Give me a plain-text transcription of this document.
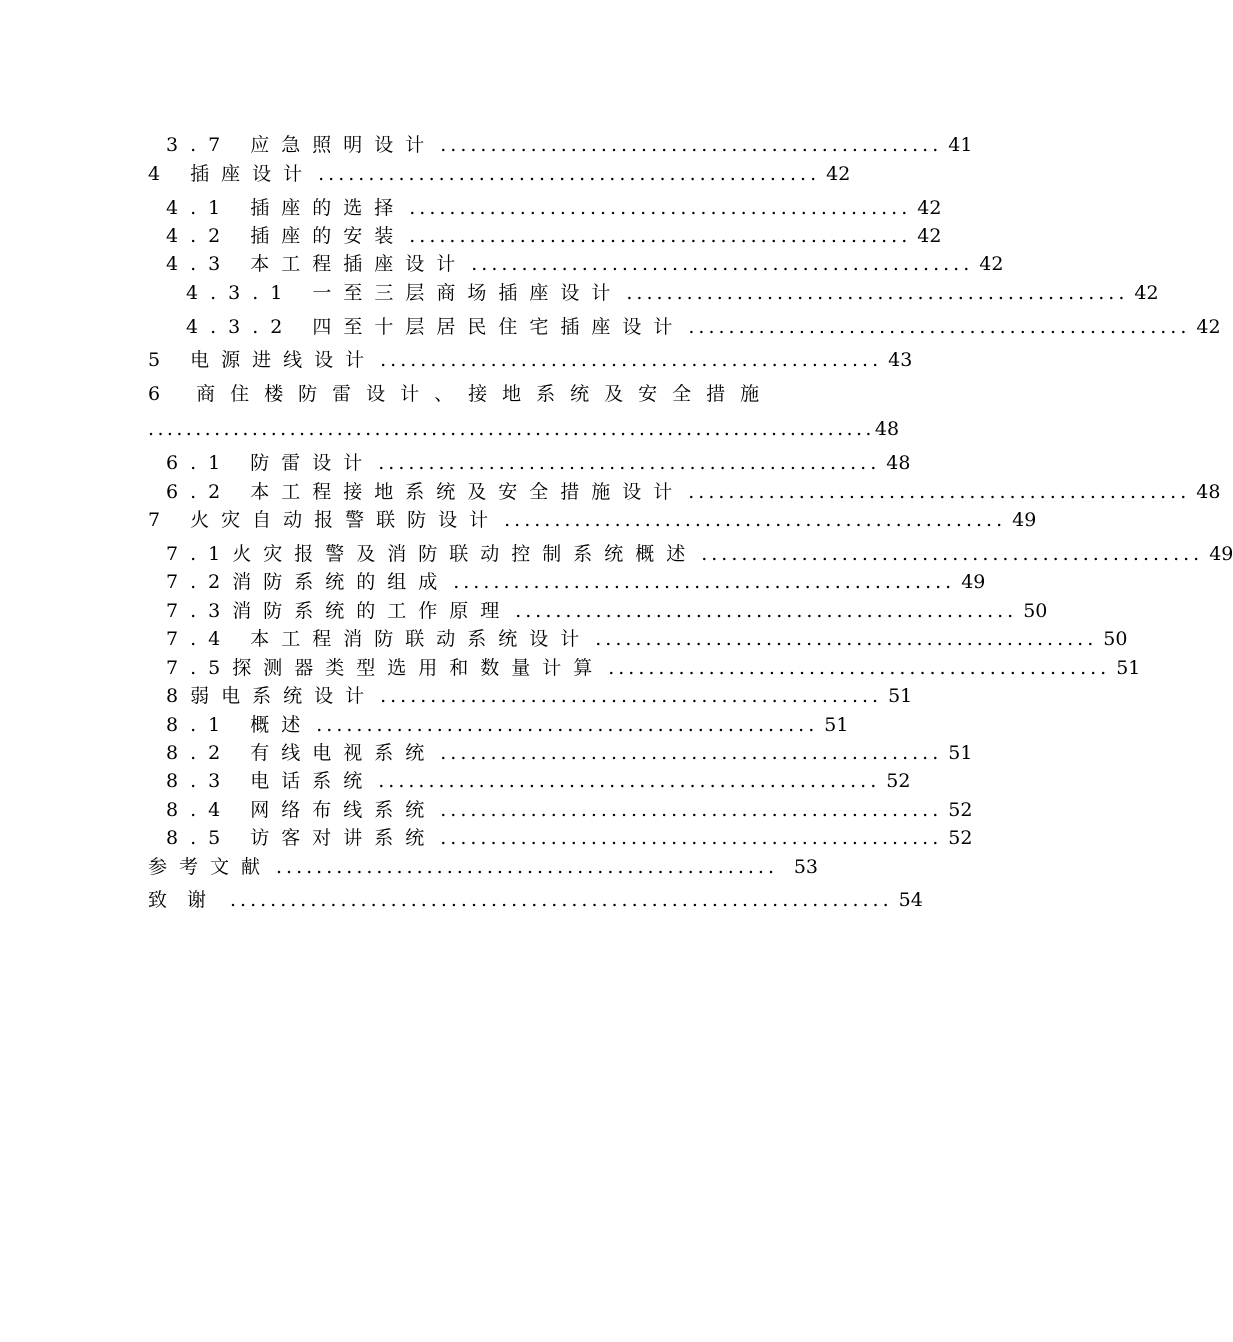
3.7 应急照明设计 .................................................. 41
4 插座设计 .................................................. 42
4.1 插座的选择 .................................................. 42
4.2 插座的安装 .................................................. 42
4.3 本工程插座设计 .................................................. 42
4.3.1 一至三层商场插座设计 .................................................. 42
4.3.2 四至十层居民住宅插座设计 .................................................. 42
5 电源进线设计 .................................................. 43
6 商住楼防雷设计、接地系统及安全措施
............................................................................. 48
6.1 防雷设计 .................................................. 48
6.2 本工程接地系统及安全措施设计 .................................................. 48
7 火灾自动报警联防设计 .................................................. 49
7.1火灾报警及消防联动控制系统概述 .................................................. 49
7.2消防系统的组成 .................................................. 49
7.3消防系统的工作原理 .................................................. 50
7.4 本工程消防联动系统设计 .................................................. 50
7.5探测器类型选用和数量计算 .................................................. 51
8弱电系统设计 .................................................. 51
8.1 概述 .................................................. 51
8.2 有线电视系统 .................................................. 51
8.3 电话系统 .................................................. 52
8.4 网络布线系统 .................................................. 52
8.5 访客对讲系统 .................................................. 52
参考文献 .................................................. 53
致谢 .................................................................. 54
